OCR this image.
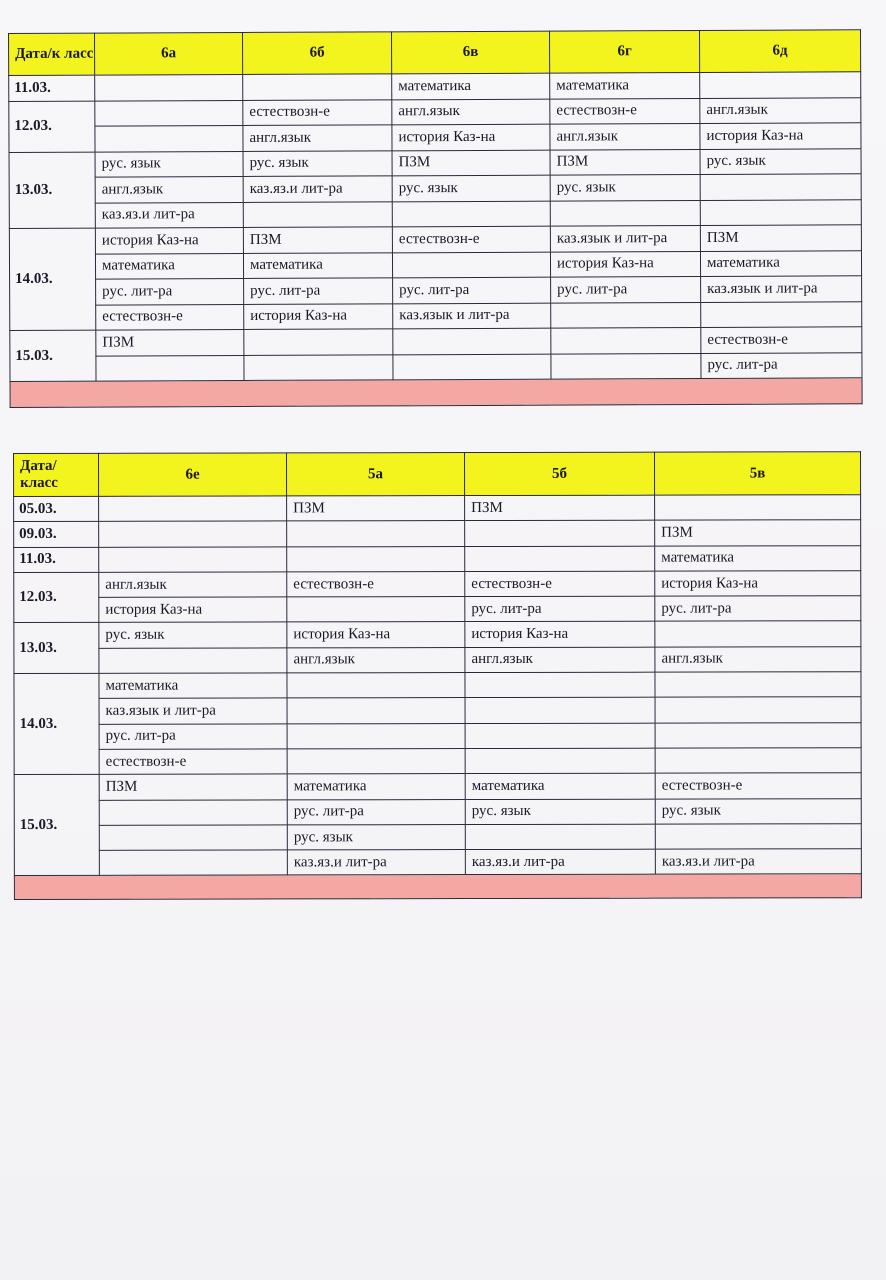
Дата/к ласс	6а	6б	6в	6г	6д
11.03.			математика	математика	
12.03.		естествозн-е	англ.язык	естествозн-е	англ.язык
		англ.язык	история Каз-на	англ.язык	история Каз-на
13.03.	рус. язык	рус. язык	ПЗМ	ПЗМ	рус. язык
	англ.язык	каз.яз.и лит-ра	рус. язык	рус. язык	
	каз.яз.и лит-ра				
14.03.	история Каз-на	ПЗМ	естествозн-е	каз.язык и лит-ра	ПЗМ
	математика	математика		история Каз-на	математика
	рус. лит-ра	рус. лит-ра	рус. лит-ра	рус. лит-ра	каз.язык и лит-ра
	естествозн-е	история Каз-на	каз.язык и лит-ра		
15.03.	ПЗМ				естествозн-е
					рус. лит-ра

Дата/ класс	6е	5а	5б	5в
05.03.		ПЗМ	ПЗМ	
09.03.				ПЗМ
11.03.				математика
12.03.	англ.язык	естествозн-е	естествозн-е	история Каз-на
	история Каз-на		рус. лит-ра	рус. лит-ра
13.03.	рус. язык	история Каз-на	история Каз-на	
		англ.язык	англ.язык	англ.язык
14.03.	математика			
	каз.язык и лит-ра			
	рус. лит-ра			
	естествозн-е			
15.03.	ПЗМ	математика	математика	естествозн-е
		рус. лит-ра	рус. язык	рус. язык
		рус. язык		
		каз.яз.и лит-ра	каз.яз.и лит-ра	каз.яз.и лит-ра
